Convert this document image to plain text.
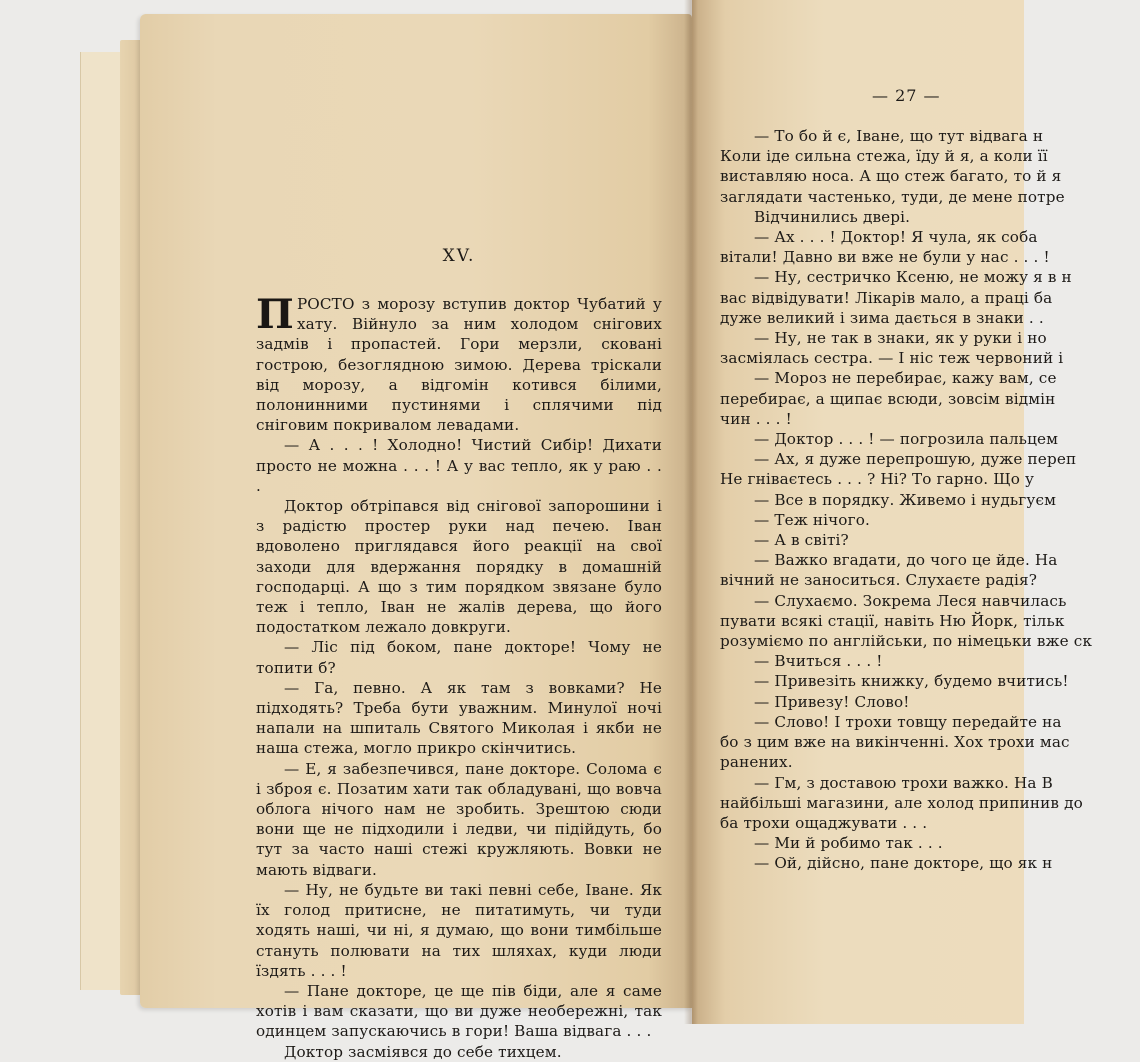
XV.

ПРОСТО з морозу вступив доктор Чубатий у хату. Війнуло за ним холодом снігових задмів і пропастей. Гори мерзли, сковані гострою, безоглядною зимою. Дерева тріскали від морозу, а відгомін котився білими, полонинними пустинями і сплячими під сніговим покривалом левадами.

— А . . . ! Холодно! Чистий Сибір! Дихати просто не можна . . . ! А у вас тепло, як у раю . . .

Доктор обтріпався від снігової запорошини і з радістю простер руки над печею. Іван вдоволено приглядався його реакції на свої заходи для вдержання порядку в домашній господарці. А що з тим порядком звязане було теж і тепло, Іван не жалів дерева, що його подостатком лежало довкруги.

— Ліс під боком, пане докторе! Чому не топити б?

— Га, певно. А як там з вовками? Не підходять? Треба бути уважним. Минулої ночі напали на шпиталь Святого Миколая і якби не наша стежа, могло прикро скінчитись.

— Е, я забезпечився, пане докторе. Солома є і зброя є. Позатим хати так обладувані, що вовча облога нічого нам не зробить. Зрештою сюди вони ще не підходили і ледви, чи підійдуть, бо тут за часто наші стежі кружляють. Вовки не мають відваги.

— Ну, не будьте ви такі певні себе, Іване. Як їх голод притисне, не питатимуть, чи туди ходять наші, чи ні, я думаю, що вони тимбільше стануть полювати на тих шляхах, куди люди їздять . . . !

— Пане докторе, це ще пів біди, але я саме хотів і вам сказати, що ви дуже необережні, так одинцем запускаючись в гори! Ваша відвага . . .

Доктор засміявся до себе тихцем.

— 27 —
— То бо й є, Іване, що тут відвага н
Коли іде сильна стежа, їду й я, а коли її
виставляю носа. А що стеж багато, то й я
заглядати частенько, туди, де мене потре
Відчинились двері.
— Ах . . . ! Доктор! Я чула, як соба
вітали! Давно ви вже не були у нас . . . !
— Ну, сестричко Ксеню, не можу я в н
вас відвідувати! Лікарів мало, а праці ба
дуже великий і зима дається в знаки . .
— Ну, не так в знаки, як у руки і но
засміялась сестра. — І ніс теж червоний і
— Мороз не перебирає, кажу вам, се
перебирає, а щипає всюди, зовсім відмін
чин . . . !
— Доктор . . . ! — погрозила пальцем
— Ах, я дуже перепрошую, дуже переп
Не гніваєтесь . . . ? Ні? То гарно. Що у
— Все в порядку. Живемо і нудьгуєм
— Теж нічого.
— А в світі?
— Важко вгадати, до чого це йде. На
вічний не заноситься. Слухаєте радія?
— Слухаємо. Зокрема Леся навчилась
пувати всякі стації, навіть Ню Йорк, тільк
розуміємо по англійськи, по німецьки вже ск
— Вчиться . . . !
— Привезіть книжку, будемо вчитись!
— Привезу! Слово!
— Слово! І трохи товщу передайте на
бо з цим вже на викінченні. Хох трохи мас
ранених.
— Гм, з доставою трохи важко. На В
найбільші магазини, але холод припинив до
ба трохи ощаджувати . . .
— Ми й робимо так . . .
— Ой, дійсно, пане докторе, що як н
